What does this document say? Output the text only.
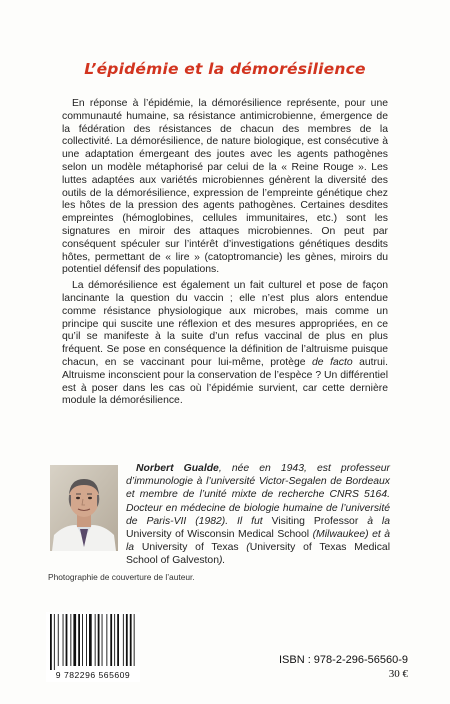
L’épidémie et la démorésilience

En réponse à l’épidémie, la démorésilience représente, pour une communauté humaine, sa résistance antimicrobienne, émergence de la fédération des résistances de chacun des membres de la collectivité. La démorésilience, de nature biologique, est consécutive à une adaptation émergeant des joutes avec les agents pathogènes selon un modèle métaphorisé par celui de la « Reine Rouge ». Les luttes adaptées aux variétés microbiennes génèrent la diversité des outils de la démorésilience, expression de l’empreinte génétique chez les hôtes de la pression des agents pathogènes. Certaines desdites empreintes (hémoglobines, cellules immunitaires, etc.) sont les signatures en miroir des attaques microbiennes. On peut par conséquent spéculer sur l’intérêt d’investigations génétiques desdits hôtes, permettant de « lire » (catoptromancie) les gènes, miroirs du potentiel défensif des populations.

La démorésilience est également un fait culturel et pose de façon lancinante la question du vaccin ; elle n’est plus alors entendue comme résistance physiologique aux microbes, mais comme un principe qui suscite une réflexion et des mesures appropriées, en ce qu’il se manifeste à la suite d’un refus vaccinal de plus en plus fréquent. Se pose en conséquence la définition de l’altruisme puisque chacun, en se vaccinant pour lui-même, protège de facto autrui. Altruisme inconscient pour la conservation de l’espèce ? Un différentiel est à poser dans les cas où l’épidémie survient, car cette dernière module la démorésilience.

Norbert Gualde, née en 1943, est professeur d’immunologie à l’université Victor-Segalen de Bordeaux et membre de l’unité mixte de recherche CNRS 5164. Docteur en médecine de biologie humaine de l’université de Paris-VII (1982). Il fut Visiting Professor à la University of Wisconsin Medical School (Milwaukee) et à la University of Texas (University of Texas Medical School of Galveston).

Photographie de couverture de l’auteur.
9 782296 565609
ISBN : 978-2-296-56560-9
30 €
